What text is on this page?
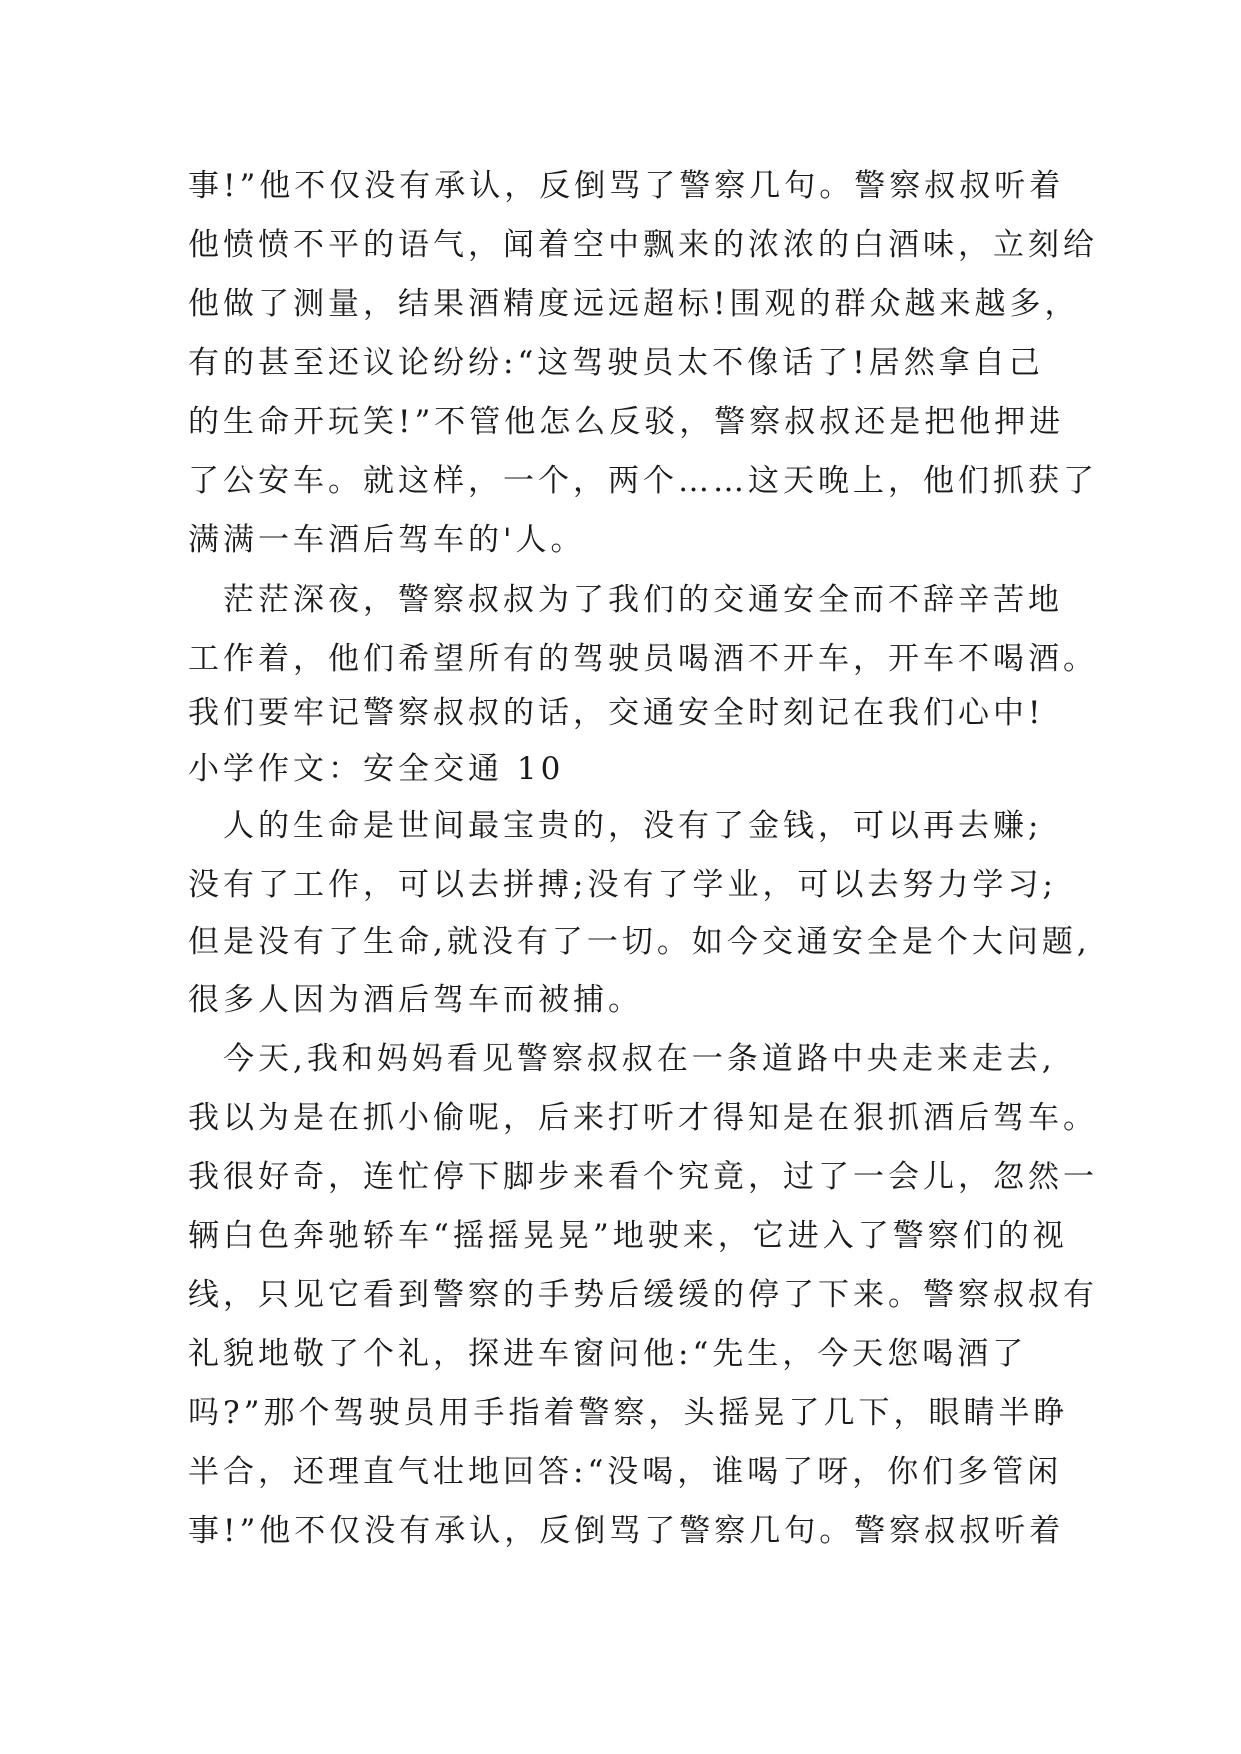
事!”他不仅没有承认，反倒骂了警察几句。警察叔叔听着
他愤愤不平的语气，闻着空中飘来的浓浓的白酒味，立刻给
他做了测量，结果酒精度远远超标!围观的群众越来越多，
有的甚至还议论纷纷:“这驾驶员太不像话了!居然拿自己
的生命开玩笑!”不管他怎么反驳，警察叔叔还是把他押进
了公安车。就这样，一个，两个……这天晚上，他们抓获了
满满一车酒后驾车的'人。
　茫茫深夜，警察叔叔为了我们的交通安全而不辞辛苦地
工作着，他们希望所有的驾驶员喝酒不开车，开车不喝酒。
我们要牢记警察叔叔的话，交通安全时刻记在我们心中!
小学作文：安全交通 10
　人的生命是世间最宝贵的，没有了金钱，可以再去赚;
没有了工作，可以去拼搏;没有了学业，可以去努力学习;
但是没有了生命,就没有了一切。如今交通安全是个大问题,
很多人因为酒后驾车而被捕。
　今天,我和妈妈看见警察叔叔在一条道路中央走来走去,
我以为是在抓小偷呢，后来打听才得知是在狠抓酒后驾车。
我很好奇，连忙停下脚步来看个究竟，过了一会儿，忽然一
辆白色奔驰轿车“摇摇晃晃”地驶来，它进入了警察们的视
线，只见它看到警察的手势后缓缓的停了下来。警察叔叔有
礼貌地敬了个礼，探进车窗问他:“先生，今天您喝酒了
吗?”那个驾驶员用手指着警察，头摇晃了几下，眼睛半睁
半合，还理直气壮地回答:“没喝，谁喝了呀，你们多管闲
事!”他不仅没有承认，反倒骂了警察几句。警察叔叔听着
